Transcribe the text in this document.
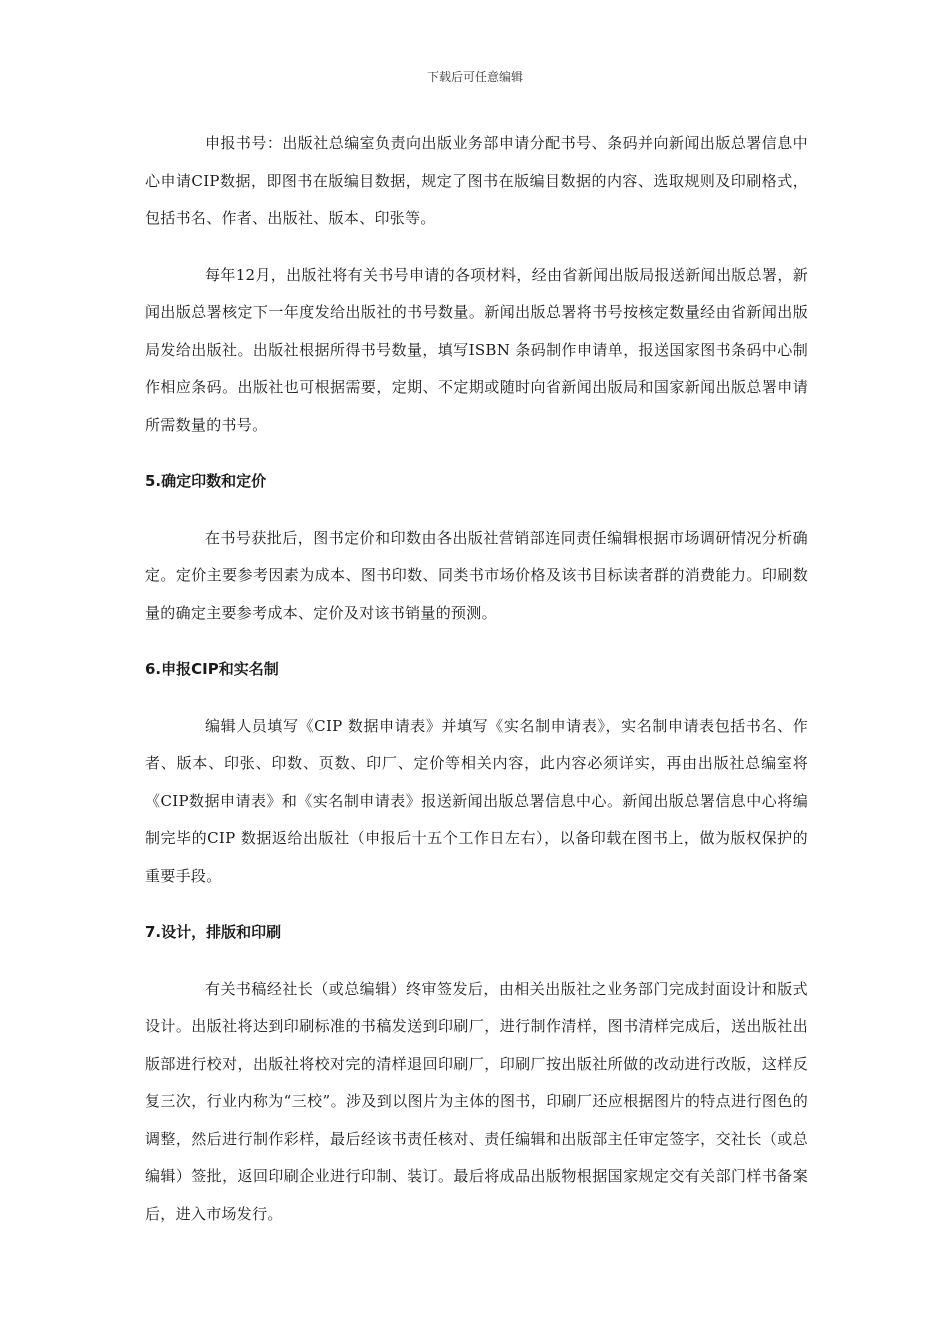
下载后可任意编辑

申报书号：出版社总编室负责向出版业务部申请分配书号、条码并向新闻出版总署信息中心申请CIP数据，即图书在版编目数据，规定了图书在版编目数据的内容、选取规则及印刷格式，包括书名、作者、出版社、版本、印张等。

每年12月，出版社将有关书号申请的各项材料，经由省新闻出版局报送新闻出版总署，新闻出版总署核定下一年度发给出版社的书号数量。新闻出版总署将书号按核定数量经由省新闻出版局发给出版社。出版社根据所得书号数量，填写ISBN 条码制作申请单，报送国家图书条码中心制作相应条码。出版社也可根据需要，定期、不定期或随时向省新闻出版局和国家新闻出版总署申请所需数量的书号。

5.确定印数和定价

在书号获批后，图书定价和印数由各出版社营销部连同责任编辑根据市场调研情况分析确定。定价主要参考因素为成本、图书印数、同类书市场价格及该书目标读者群的消费能力。印刷数量的确定主要参考成本、定价及对该书销量的预测。

6.申报CIP和实名制

编辑人员填写《CIP 数据申请表》并填写《实名制申请表》，实名制申请表包括书名、作者、版本、印张、印数、页数、印厂、定价等相关内容，此内容必须详实，再由出版社总编室将《CIP数据申请表》和《实名制申请表》报送新闻出版总署信息中心。新闻出版总署信息中心将编制完毕的CIP 数据返给出版社（申报后十五个工作日左右），以备印载在图书上，做为版权保护的重要手段。

7.设计，排版和印刷

有关书稿经社长（或总编辑）终审签发后，由相关出版社之业务部门完成封面设计和版式设计。出版社将达到印刷标准的书稿发送到印刷厂，进行制作清样，图书清样完成后，送出版社出版部进行校对，出版社将校对完的清样退回印刷厂，印刷厂按出版社所做的改动进行改版，这样反复三次，行业内称为“三校”。涉及到以图片为主体的图书，印刷厂还应根据图片的特点进行图色的调整，然后进行制作彩样，最后经该书责任核对、责任编辑和出版部主任审定签字，交社长（或总编辑）签批，返回印刷企业进行印制、装订。最后将成品出版物根据国家规定交有关部门样书备案后，进入市场发行。
